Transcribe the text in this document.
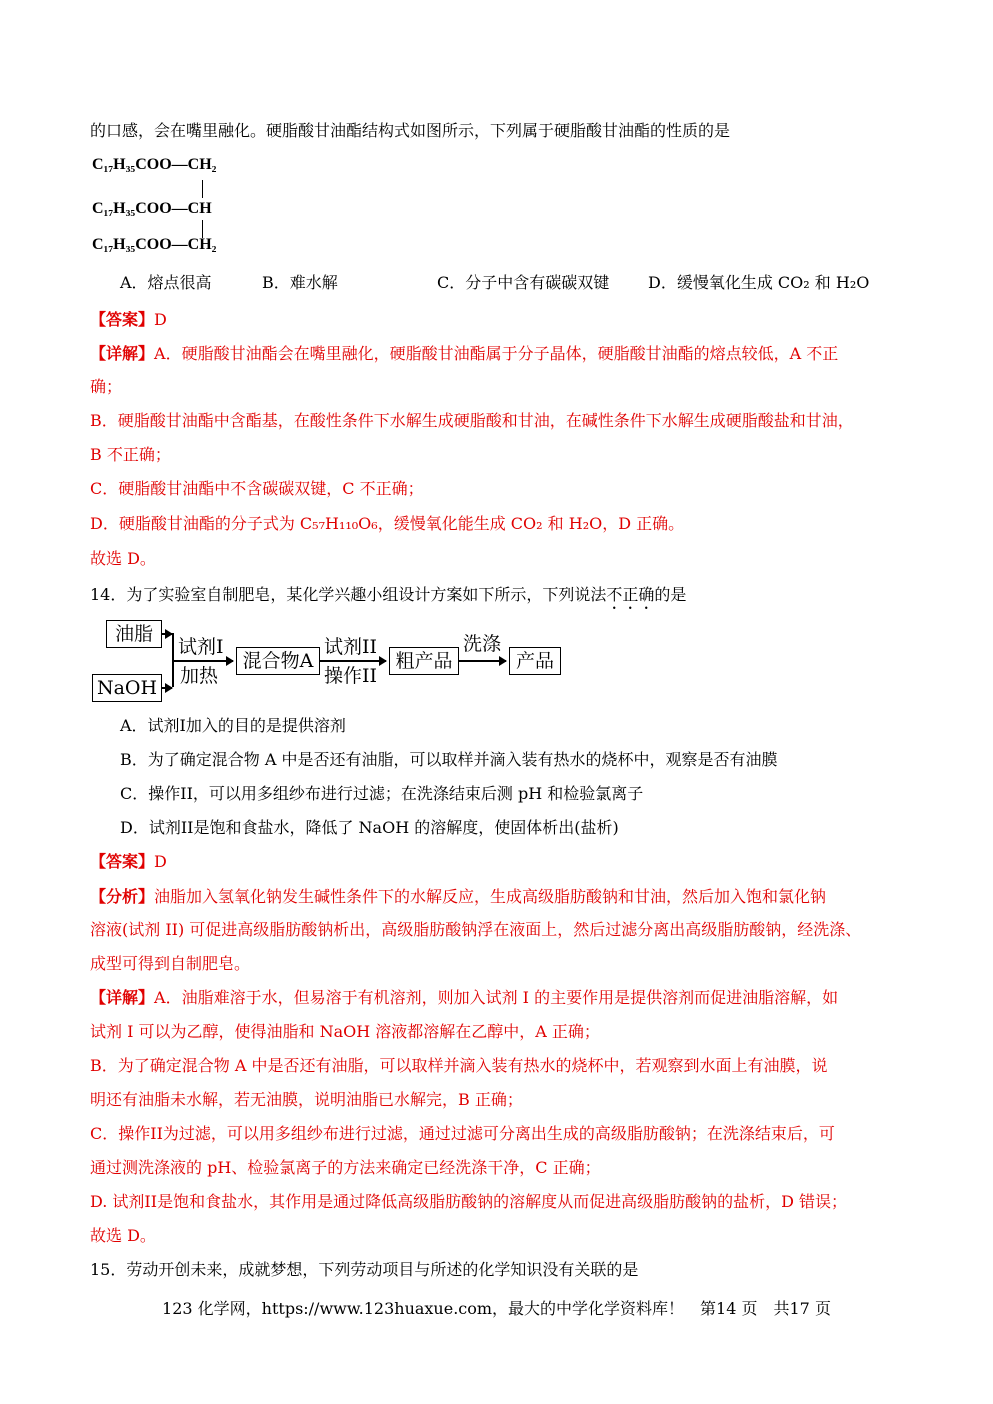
的口感，会在嘴里融化。硬脂酸甘油酯结构式如图所示，下列属于硬脂酸甘油酯的性质的是
C₁₇H₃₅COO—CH₂
C₁₇H₃₅COO—CH
C₁₇H₃₅COO—CH₂
A．熔点很高	B．难水解	C．分子中含有碳碳双键 D．缓慢氧化生成 CO₂ 和 H₂O
【答案】D
【详解】A．硬脂酸甘油酯会在嘴里融化，硬脂酸甘油酯属于分子晶体，硬脂酸甘油酯的熔点较低，A 不正
确；
B．硬脂酸甘油酯中含酯基，在酸性条件下水解生成硬脂酸和甘油，在碱性条件下水解生成硬脂酸盐和甘油，
B 不正确；
C．硬脂酸甘油酯中不含碳碳双键，C 不正确；
D．硬脂酸甘油酯的分子式为 C₅₇H₁₁₀O₆，缓慢氧化能生成 CO₂ 和 H₂O，D 正确。
故选 D。
14．为了实验室自制肥皂，某化学兴趣小组设计方案如下所示，下列说法不正确的是
油脂
NaOH
试剂I
加热
混合物A
试剂II
操作II
粗产品
洗涤
产品
A．试剂I加入的目的是提供溶剂
B．为了确定混合物 A 中是否还有油脂，可以取样并滴入装有热水的烧杯中，观察是否有油膜
C．操作II，可以用多组纱布进行过滤；在洗涤结束后测 pH 和检验氯离子
D．试剂II是饱和食盐水，降低了 NaOH 的溶解度，使固体析出(盐析)
【答案】D
【分析】油脂加入氢氧化钠发生碱性条件下的水解反应，生成高级脂肪酸钠和甘油，然后加入饱和氯化钠
溶液(试剂 II) 可促进高级脂肪酸钠析出，高级脂肪酸钠浮在液面上，然后过滤分离出高级脂肪酸钠，经洗涤、
成型可得到自制肥皂。
【详解】A．油脂难溶于水，但易溶于有机溶剂，则加入试剂 I 的主要作用是提供溶剂而促进油脂溶解，如
试剂 I 可以为乙醇，使得油脂和 NaOH 溶液都溶解在乙醇中，A 正确；
B．为了确定混合物 A 中是否还有油脂，可以取样并滴入装有热水的烧杯中，若观察到水面上有油膜，说
明还有油脂未水解，若无油膜，说明油脂已水解完，B 正确；
C．操作II为过滤，可以用多组纱布进行过滤，通过过滤可分离出生成的高级脂肪酸钠；在洗涤结束后，可
通过测洗涤液的 pH、检验氯离子的方法来确定已经洗涤干净，C 正确；
D. 试剂II是饱和食盐水，其作用是通过降低高级脂肪酸钠的溶解度从而促进高级脂肪酸钠的盐析，D 错误；
故选 D。
15．劳动开创未来，成就梦想，下列劳动项目与所述的化学知识没有关联的是
123 化学网，https://www.123huaxue.com，最大的中学化学资料库！　第14 页　共17 页
